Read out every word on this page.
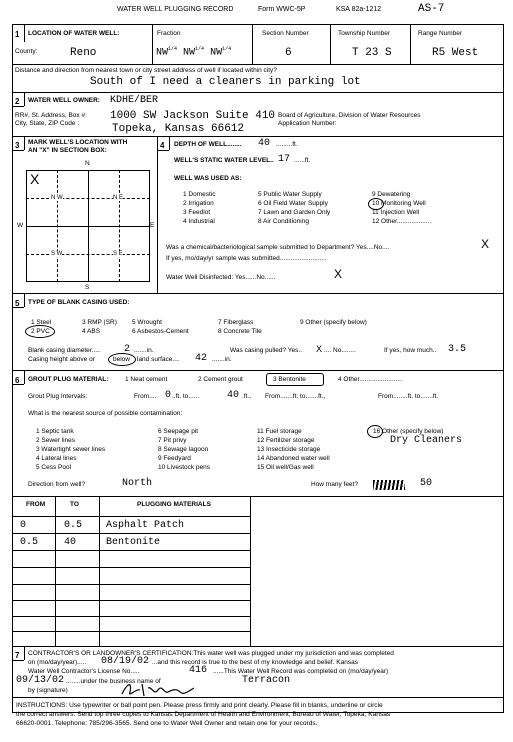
WATER WELL PLUGGING RECORD	Form WWC-5P	KSA 82a-1212	AS-7
1 LOCATION OF WATER WELL:	Fraction	Section Number	Township Number	Range Number
County:	Reno	$NW^{1/4}$ $NW^{1/4}$ $NW^{1/4}$	6	T 23 S	R5 West
Distance and direction from nearest town or city street address of well if located within city?
South of I need a cleaners in parking lot
2 WATER WELL OWNER: KDHE/BER
RR#, St. Address, Box #:
City, State, ZIP Code :
1000 SW Jackson Suite 410
Topeka, Kansas 66612
Board of Agriculture, Division of Water Resources
Application Number:
3 MARK WELL'S LOCATION WITH
AN "X" IN SECTION BOX:
N
N W	N E
S W	S E
W	E
S
X
4 DEPTH OF WELL........ 40 .........ft.
WELL'S STATIC WATER LEVEL.. 17 ......ft.
WELL WAS USED AS:
1 Domestic	5 Public Water Supply	9 Dewatering
2 Irrigation	6 Oil Field Water Supply	10 Monitoring Well
3 Feedlot	7 Lawn and Garden Only	11 Injection Well
4 Industrial	8 Air Conditioning	12 Other...................
Was a chemical/bacteriological sample submitted to Department? Yes....No....	X
If yes, mo/day/yr sample was submitted..........................
Water Well Disinfected: Yes......No......	X
5 TYPE OF BLANK CASING USED:
1 Steel	3 RMP (SR) 5 Wrought	7 Fiberglass	9 Other (specify below)
2 PVC	4 ABS	6 Asbestos-Cement	8 Concrete Tile
Blank casing diameter..... 2 .......in.	Was casing pulled? Yes.. X .... No........	If yes, how much.. 3.5
Casing height above or	below land surface.... 42 .......in.
6 GROUT PLUG MATERIAL:	1 Neat cement	2 Cement grout	3 Bentonite	4 Other........................
Grout Plug Intervals:	From.... 0 ..ft. to......	40 .ft., From.......ft. to.......ft.,	From........ft. to.......ft.
What is the nearest source of possible contamination:
1 Septic tank	6 Seepage pit	11 Fuel storage	16 Other (specify below)
2 Sewer lines	7 Pit privy	12 Fertilizer storage	Dry Cleaners
3 Watertight sewer lines	8 Sewage lagoon	13 Insecticide storage
4 Lateral lines	9 Feedyard	14 Abandoned water well
5 Cess Pool	10 Livestock pens	15 Oil well/Gas well
Direction from well?	North	How many feet?	50
FROM	TO	PLUGGING MATERIALS
0	0.5 Asphalt Patch
0.5	40	Bentonite
7 CONTRACTOR'S OR LANDOWNER'S CERTIFICATION:This water well was plugged under my jurisdiction and was completed
on (mo/day/year)..... 08/19/02 ...and this record is true to the best of my knowledge and belief. Kansas
Water Well Contractor's License No.....	416 ......This Water Well Record was completed on (mo/day/year)
09/13/02 ........under the business name of	Terracon
by (signature)
INSTRUCTIONS: Use typewriter or ball point pen. Please press firmly and print clearly. Please fill in blanks, underline or circle
the correct answers. Send top three copies to Kansas Department of Health and Environment, Bureau of Water, Topeka, Kansas
66620-0001. Telephone: 785/296-3565. Send one to Water Well Owner and retain one for your records.
